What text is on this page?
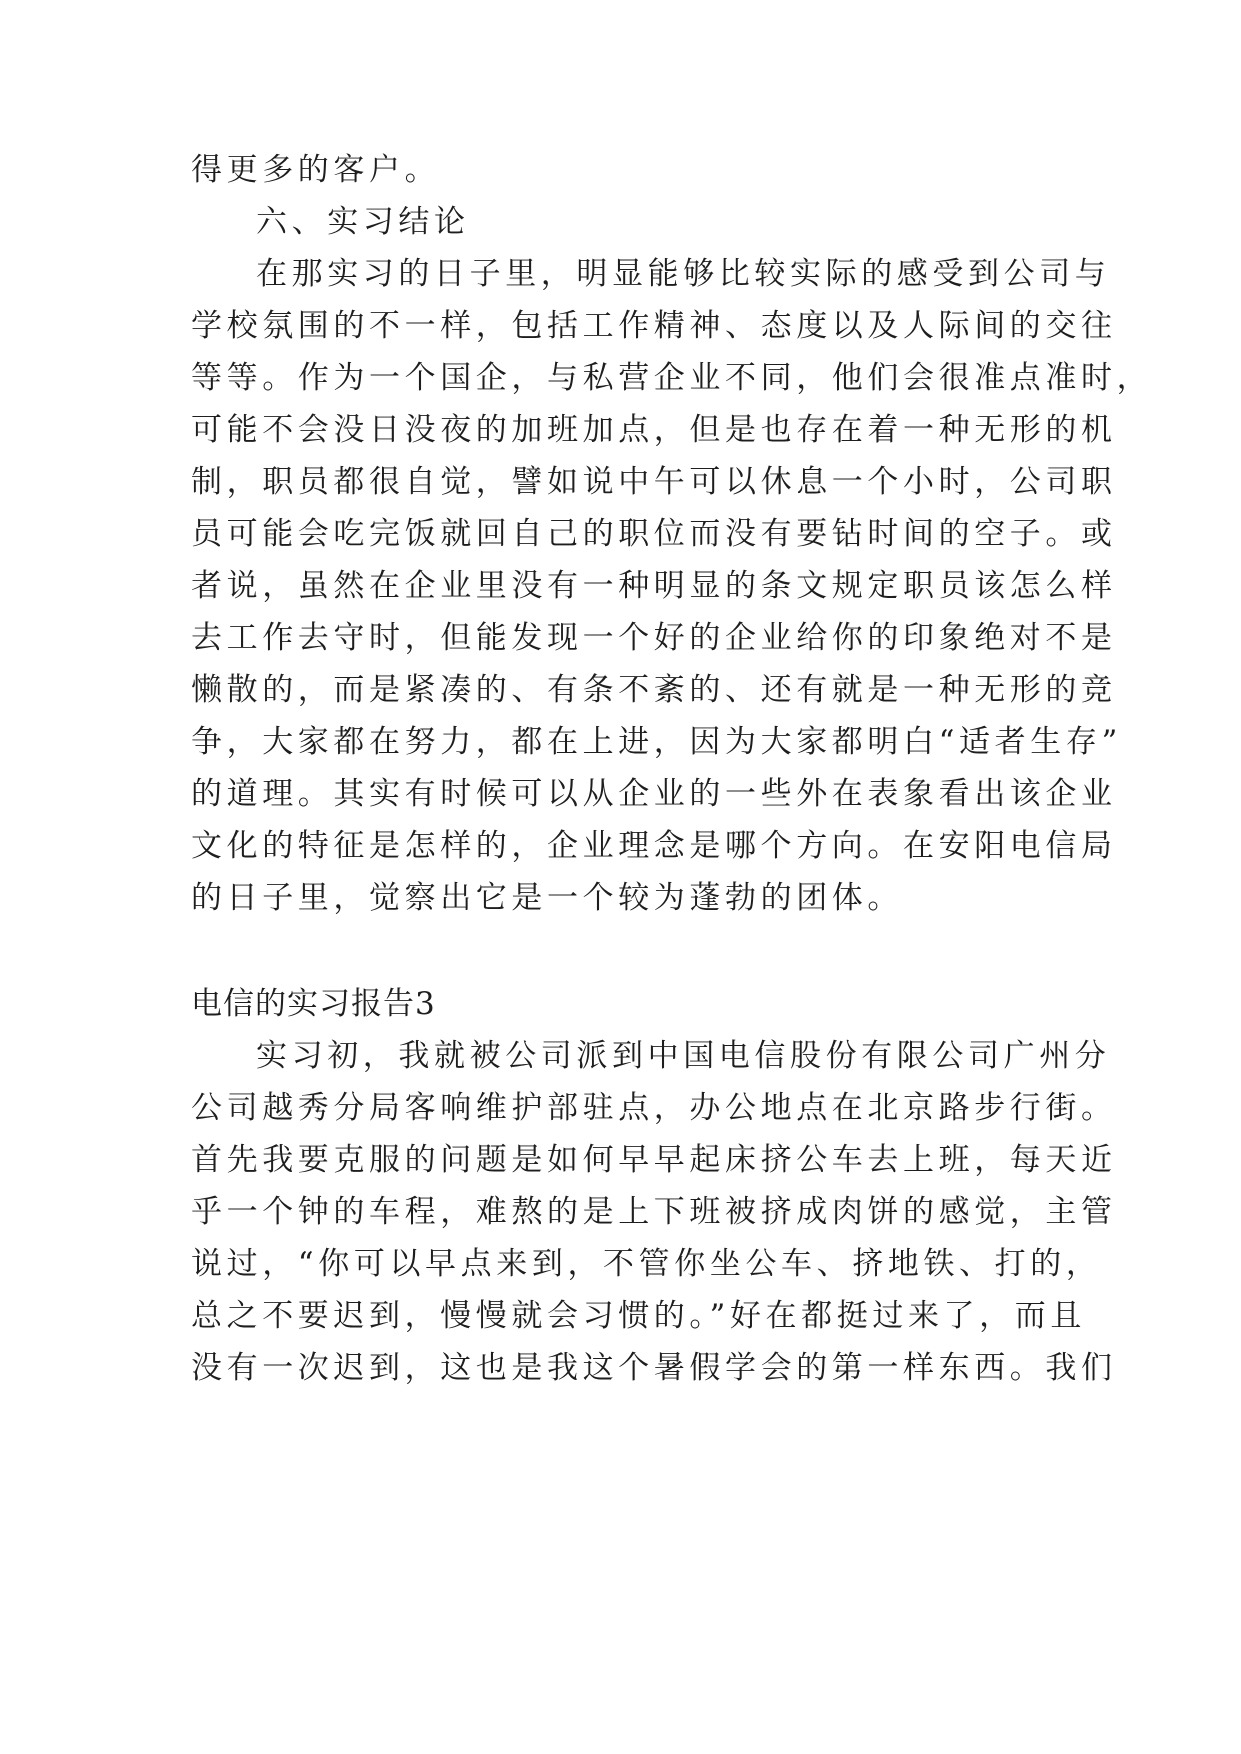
得更多的客户。

六、实习结论

在那实习的日子里，明显能够比较实际的感受到公司与

学校氛围的不一样，包括工作精神、态度以及人际间的交往

等等。作为一个国企，与私营企业不同，他们会很准点准时，

可能不会没日没夜的加班加点，但是也存在着一种无形的机

制，职员都很自觉，譬如说中午可以休息一个小时，公司职

员可能会吃完饭就回自己的职位而没有要钻时间的空子。或

者说，虽然在企业里没有一种明显的条文规定职员该怎么样

去工作去守时，但能发现一个好的企业给你的印象绝对不是

懒散的，而是紧凑的、有条不紊的、还有就是一种无形的竞

争，大家都在努力，都在上进，因为大家都明白“适者生存”

的道理。其实有时候可以从企业的一些外在表象看出该企业

文化的特征是怎样的，企业理念是哪个方向。在安阳电信局

的日子里，觉察出它是一个较为蓬勃的团体。

电信的实习报告3

实习初，我就被公司派到中国电信股份有限公司广州分

公司越秀分局客响维护部驻点，办公地点在北京路步行街。

首先我要克服的问题是如何早早起床挤公车去上班，每天近

乎一个钟的车程，难熬的是上下班被挤成肉饼的感觉，主管

说过，“你可以早点来到，不管你坐公车、挤地铁、打的，

总之不要迟到，慢慢就会习惯的。”好在都挺过来了，而且

没有一次迟到，这也是我这个暑假学会的第一样东西。我们
